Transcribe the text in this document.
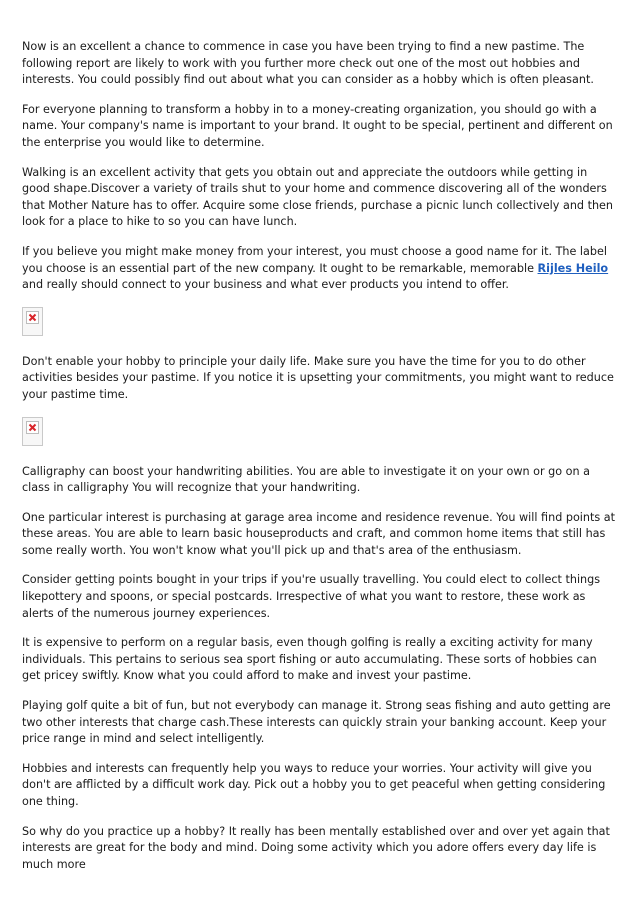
Now is an excellent a chance to commence in case you have been trying to find a new pastime. The following report are likely to work with you further more check out one of the most out hobbies and interests. You could possibly find out about what you can consider as a hobby which is often pleasant.

For everyone planning to transform a hobby in to a money-creating organization, you should go with a name. Your company's name is important to your brand. It ought to be special, pertinent and different on the enterprise you would like to determine.

Walking is an excellent activity that gets you obtain out and appreciate the outdoors while getting in good shape.Discover a variety of trails shut to your home and commence discovering all of the wonders that Mother Nature has to offer. Acquire some close friends, purchase a picnic lunch collectively and then look for a place to hike to so you can have lunch.

If you believe you might make money from your interest, you must choose a good name for it. The label you choose is an essential part of the new company. It ought to be remarkable, memorable Rijles Heilo and really should connect to your business and what ever products you intend to offer.

Don't enable your hobby to principle your daily life. Make sure you have the time for you to do other activities besides your pastime. If you notice it is upsetting your commitments, you might want to reduce your pastime time.

Calligraphy can boost your handwriting abilities. You are able to investigate it on your own or go on a class in calligraphy You will recognize that your handwriting.

One particular interest is purchasing at garage area income and residence revenue. You will find points at these areas. You are able to learn basic houseproducts and craft, and common home items that still has some really worth. You won't know what you'll pick up and that's area of the enthusiasm.

Consider getting points bought in your trips if you're usually travelling. You could elect to collect things likepottery and spoons, or special postcards. Irrespective of what you want to restore, these work as alerts of the numerous journey experiences.

It is expensive to perform on a regular basis, even though golfing is really a exciting activity for many individuals. This pertains to serious sea sport fishing or auto accumulating. These sorts of hobbies can get pricey swiftly. Know what you could afford to make and invest your pastime.

Playing golf quite a bit of fun, but not everybody can manage it. Strong seas fishing and auto getting are two other interests that charge cash.These interests can quickly strain your banking account. Keep your price range in mind and select intelligently.

Hobbies and interests can frequently help you ways to reduce your worries. Your activity will give you don't are afflicted by a difficult work day. Pick out a hobby you to get peaceful when getting considering one thing.

So why do you practice up a hobby? It really has been mentally established over and over yet again that interests are great for the body and mind. Doing some activity which you adore offers every day life is much more
